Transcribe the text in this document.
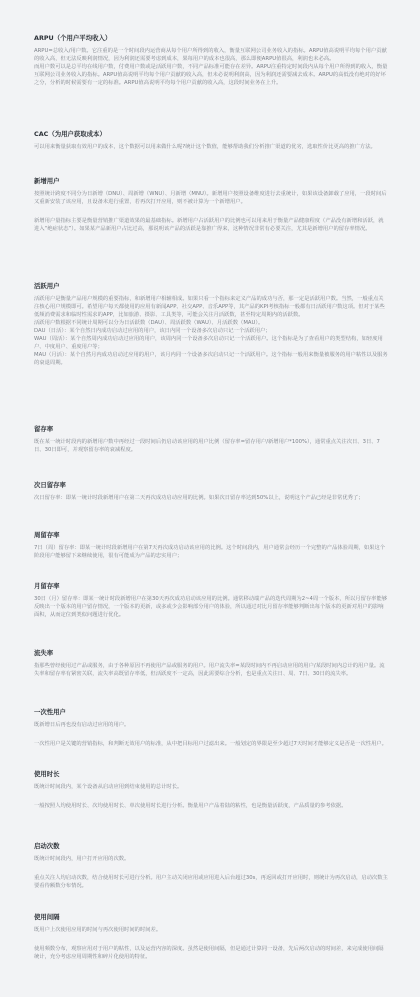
ARPU（个用户平均收入）

ARPU=总收入/用户数。它注重的是一个时间段内运营商从每个用户所得到的收入，衡量互联网公司业务收入的指标。ARPU值高说明平均每个用户贡献的收入高，但无法反映利润情况，因为利润还需要考虑到成本，果每用户的成本也很高，那么即便ARPU值很高，利润也未必高。

而用户数可以是总平均在线用户数，付费用户数或是活跃用户数，不同产品标准可能存在差异。ARPU注重特定时间段内从每个用户所得到的收入，衡量互联网公司业务收入的指标。ARPU值高说明平均每个用户贡献的收入高，但未必说明利润高，因为利润还需要减去成本。ARPU的高低没有绝对的好坏之分，分析的时候需要有一定的标准。ARPU值高说明平均每个用户贡献的收入高，这段时间业务在上升。

CAC（为用户获取成本）

可以用来衡量获取有效用户的成本，这个数据可以用来做什么呢?统计这个数值，能够帮助我们分析推广渠道的优劣，选取性价比更高的推广方法。

新增用户

按照统计跨度不同分为日新增（DNU）、周新增（WNU）、月新增（MNU）。新增用户按照设备维度进行去重统计，如果该设备卸载了应用，一段时间后又重新安装了该应用，且设备未进行重置，若再次打开应用，则不被计算为一个新增用户。

新增用户量指标主要是衡量营销推广渠道效果的最基础指标。新增用户占活跃用户的比例也可以用来用于衡量产品健康程度（产品没有新增和活跃，就进入“绝症状态”）。如果某产品新用户占比过高，那说明该产品的活跃是靠推广得来，这种情况非常有必要关注，尤其是新增用户的留存率情况。

活跃用户

活跃用户是衡量产品用户规模的重要指标，和新增用户相辅相成。如果只看一个指标来定义产品的成功与否，那一定是活跃用户数。当然，一般重点关注核心用户规模即可。希望用户每天都使用的应用有新闻APP、社交APP、音乐APP等，其产品的KPI考核指标一般都有日活跃用户数这项。但对于某些低频消费需求和临时性需求的APP，比如旅游、摄影、工具类等，可能会关注月活跃数，甚至特定周期内的活跃数。

活跃用户数根据不同统计周期可以分为日活跃数（DAU）、周活跃数（WAU）、月活跃数（MAU）。

DAU（日活）：某个自然日内成功启动过应用的用户，该日内同一个设备多次启动只记一个活跃用户；

WAU（周活）：某个自然周内成功启动过应用的用户，该周内同一个设备多次启动只记一个活跃用户。这个指标是为了查看用户的类型结构，如轻度用户、中度用户、重度用户等；

MAU（月活）：某个自然月内成功启动过应用的用户，该月内同一个设备多次启动只记一个活跃用户。这个指标一般用来衡量被服务的用户粘性以及服务的衰退周期。

留存率

既在某一统计时段内的新增用户数中再经过一段时间后仍启动该应用的用户比例（留存率=留存用户/新增用户*100%），通常重点关注次日、3日、7日、30日即可，并观察留存率的衰减程度。

次日留存率

次日留存率：即某一统计时段新增用户在第二天再次成功启动应用的比例。如果次日留存率达到50%以上，说明这个产品已经是非常优秀了；

周留存率

7日（周）留存率：即某一统计时段新增用户在第7天再次成功启动该应用的比例。这个时间段内，用户通常会经历一个完整的产品体验周期，如果这个阶段用户能够留下来继续使用，很有可能成为产品的忠实用户；

月留存率

30日（月）留存率：即某一统计时段新增用户在第30天再次成功启动该应用的比例。通常移动端产品的迭代周期为2~4周一个版本，所以月留存率能够反映出一个版本的用户留存情况，一个版本的更新，或多或少会影响部分用户的体验，所以通过对比月留存率能够判断出每个版本的更新对用户的影响面积，从而定位到类似问题进行优化。

流失率

指那些曾经使用过产品或服务，由于各种原因不再使用产品或服务的用户。用户流失率=某段时间内不再启动应用的用户/某段时间内总计的用户量。流失率和留存率有紧密关联，流失率高既留存率低，但活跃度不一定高，因此需要综合分析，也是重点关注日、周、7日、30日的流失率。

一次性用户

既新增日后再也没有启动过应用的用户。

一次性用户是关键的营销指标，和判断无效用户的标准，从中把目标用户过滤出来。一般划定的界限是至少超过7天时间才能够定义是否是一次性用户。

使用时长

既统计时间段内，某个设备从启动应用到结束使用的总计时长。

一般按照人均使用时长、次均使用时长、单次使用时长进行分析。衡量用户产品着陆的粘性，也是衡量活跃度，产品质量的参考依据。

启动次数

既统计时间段内，用户打开应用的次数。

重点关注人均启动次数，结合使用时长可进行分析。用户主动关闭应用或应用进入后台超过30s，再返回或打开应用时，则统计为再次启动，启动次数主要看待额数分布情况。

使用间隔

既用户上次使用应用的时间与再次使用时间的时间差。

使用频数分布，观察应用对于用户的粘性，以及运营内容的深度。虽然是使用间隔，但是通过计算同一设备，先后两次启动的时间差，来完成使用间隔统计，充分考虑应用周期性和碎片化使用的特征。
